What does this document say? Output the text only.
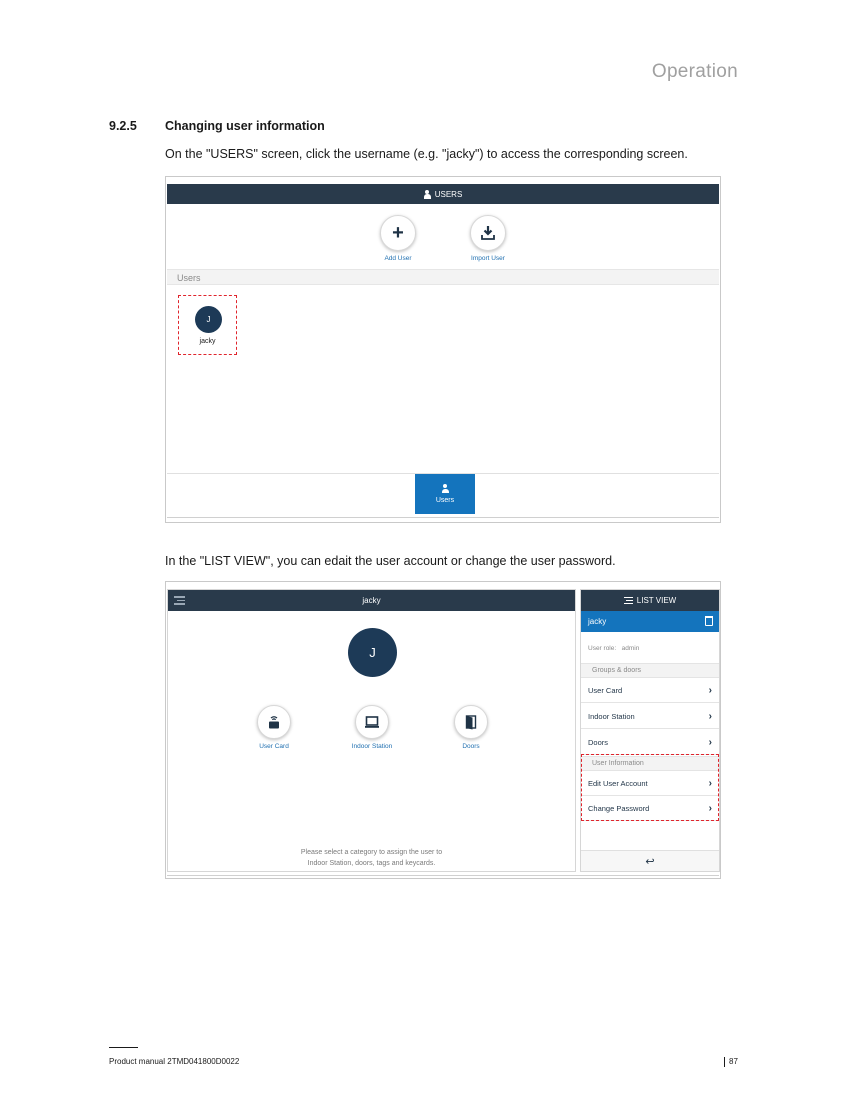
Operation
9.2.5 Changing user information
On the "USERS" screen, click the username (e.g. "jacky") to access the corresponding screen.
USERS
+
Add User	Import User
Users
J
jacky
Users
In the "LIST VIEW", you can edait the user account or change the user password.
jacky
J
User Card	Indoor Station	Doors
Please select a category to assign the user to
Indoor Station, doors, tags and keycards.
LIST VIEW
jacky
User role: admin
Groups & doors
User Card	›
Indoor Station	›
Doors	›
User Information
Edit User Account	›
Change Password	›
↩
Product manual 2TMD041800D0022	87
